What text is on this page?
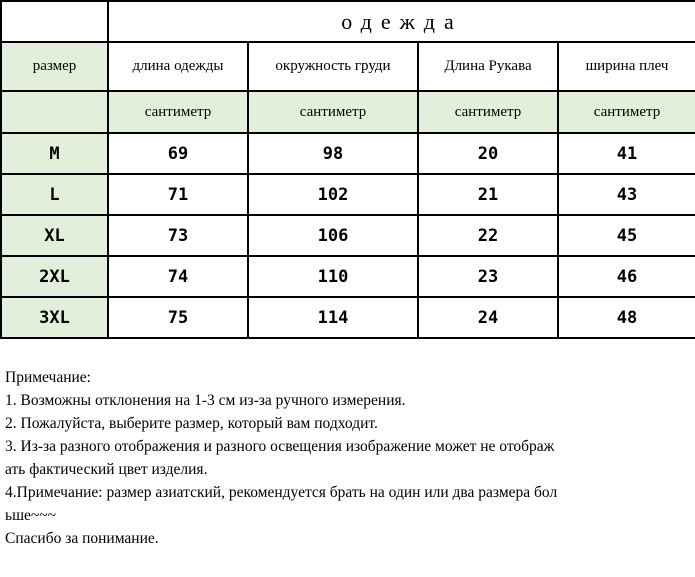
	одежда			
размер	длина одежды	окружность груди	Длина Рукава	ширина плеч
	сантиметр	сантиметр	сантиметр	сантиметр
M	69	98	20	41
L	71	102	21	43
XL	73	106	22	45
2XL	74	110	23	46
3XL	75	114	24	48
Примечание:
1. Возможны отклонения на 1-3 см из-за ручного измерения.
2. Пожалуйста, выберите размер, который вам подходит.
3. Из-за разного отображения и разного освещения изображение может не отображ
ать фактический цвет изделия.
4.Примечание: размер азиатский, рекомендуется брать на один или два размера бол
ьше~~~
Спасибо за понимание.
